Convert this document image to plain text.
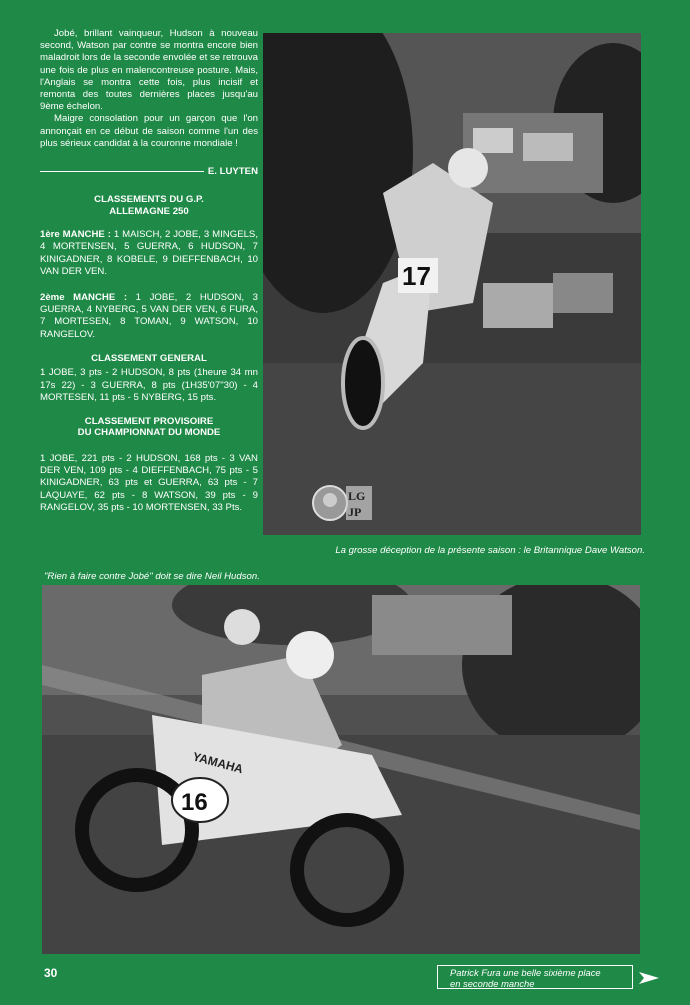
Jobé, brillant vainqueur, Hudson à nouveau second, Watson par contre se montra encore bien maladroit lors de la seconde envolée et se retrouva une fois de plus en malencontreuse posture. Mais, l'Anglais se montra cette fois, plus incisif et remonta des toutes dernières places jusqu'au 9ème échelon.

Maigre consolation pour un garçon que l'on annonçait en ce début de saison comme l'un des plus sérieux candidat à la couronne mondiale !

E. LUYTEN
CLASSEMENTS DU G.P.
ALLEMAGNE 250
1ère MANCHE : 1 MAISCH, 2 JOBE, 3 MINGELS, 4 MORTENSEN, 5 GUERRA, 6 HUDSON, 7 KINIGADNER, 8 KOBELE, 9 DIEFFENBACH, 10 VAN DER VEN.
2ème MANCHE : 1 JOBE, 2 HUDSON, 3 GUERRA, 4 NYBERG, 5 VAN DER VEN, 6 FURA, 7 MORTESEN, 8 TOMAN, 9 WATSON, 10 RANGELOV.
CLASSEMENT GENERAL
1 JOBE, 3 pts - 2 HUDSON, 8 pts (1heure 34 mn 17s 22) - 3 GUERRA, 8 pts (1H35'07"30) - 4 MORTESEN, 11 pts - 5 NYBERG, 15 pts.
CLASSEMENT PROVISOIRE
DU CHAMPIONNAT DU MONDE
1 JOBE, 221 pts - 2 HUDSON, 168 pts - 3 VAN DER VEN, 109 pts - 4 DIEFFENBACH, 75 pts - 5 KINIGADNER, 63 pts et GUERRA, 63 pts - 7 LAQUAYE, 62 pts - 8 WATSON, 39 pts - 9 RANGELOV, 35 pts - 10 MORTENSEN, 33 Pts.
17
LG
JP
La grosse déception de la présente saison : le Britannique Dave Watson.
"Rien à faire contre Jobé" doit se dire Neil Hudson.
16
YAMAHA
30	Patrick Fura une belle sixième place
en seconde manche
